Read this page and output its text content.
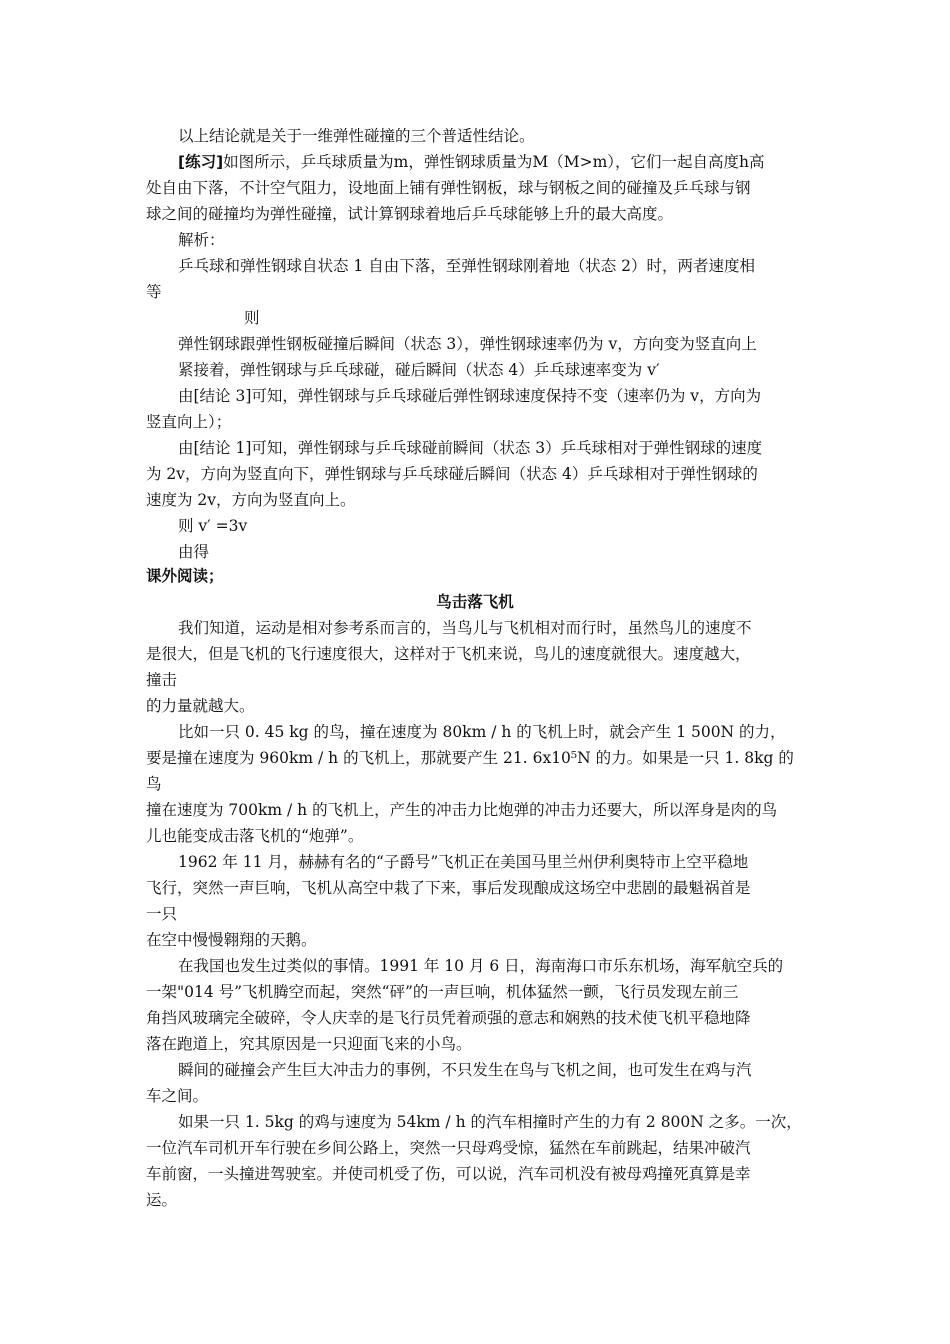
以上结论就是关于一维弹性碰撞的三个普适性结论。
[练习]如图所示，乒乓球质量为m，弹性钢球质量为M（M>m），它们一起自高度h高
处自由下落，不计空气阻力，设地面上铺有弹性钢板，球与钢板之间的碰撞及乒乓球与钢
球之间的碰撞均为弹性碰撞，试计算钢球着地后乒乓球能够上升的最大高度。
解析：
乒乓球和弹性钢球自状态 1 自由下落，至弹性钢球刚着地（状态 2）时，两者速度相
等
则
弹性钢球跟弹性钢板碰撞后瞬间（状态 3），弹性钢球速率仍为 v，方向变为竖直向上
紧接着，弹性钢球与乒乓球碰，碰后瞬间（状态 4）乒乓球速率变为 v′
由[结论 3]可知，弹性钢球与乒乓球碰后弹性钢球速度保持不变（速率仍为 v，方向为
竖直向上）；
由[结论 1]可知，弹性钢球与乒乓球碰前瞬间（状态 3）乒乓球相对于弹性钢球的速度
为 2v，方向为竖直向下，弹性钢球与乒乓球碰后瞬间（状态 4）乒乓球相对于弹性钢球的
速度为 2v，方向为竖直向上。
则 v′ =3v
由得
课外阅读；
鸟击落飞机
我们知道，运动是相对参考系而言的，当鸟儿与飞机相对而行时，虽然鸟儿的速度不
是很大，但是飞机的飞行速度很大，这样对于飞机来说，鸟儿的速度就很大。速度越大，
撞击
的力量就越大。
比如一只 0. 45 kg 的鸟，撞在速度为 80km / h 的飞机上时，就会产生 1 500N 的力，
要是撞在速度为 960km / h 的飞机上，那就要产生 21. 6x10⁵N 的力。如果是一只 1. 8kg 的
鸟
撞在速度为 700km / h 的飞机上，产生的冲击力比炮弹的冲击力还要大，所以浑身是肉的鸟
儿也能变成击落飞机的“炮弹”。
1962 年 11 月，赫赫有名的“子爵号”飞机正在美国马里兰州伊利奥特市上空平稳地
飞行，突然一声巨响，飞机从高空中栽了下来，事后发现酿成这场空中悲剧的最魁祸首是
一只
在空中慢慢翱翔的天鹅。
在我国也发生过类似的事情。1991 年 10 月 6 日，海南海口市乐东机场，海军航空兵的
一架"014 号”飞机腾空而起，突然“砰”的一声巨响，机体猛然一颤，飞行员发现左前三
角挡风玻璃完全破碎，令人庆幸的是飞行员凭着顽强的意志和娴熟的技术使飞机平稳地降
落在跑道上，究其原因是一只迎面飞来的小鸟。
瞬间的碰撞会产生巨大冲击力的事例，不只发生在鸟与飞机之间，也可发生在鸡与汽
车之间。
如果一只 1. 5kg 的鸡与速度为 54km / h 的汽车相撞时产生的力有 2 800N 之多。一次，
一位汽车司机开车行驶在乡间公路上，突然一只母鸡受惊，猛然在车前跳起，结果冲破汽
车前窗，一头撞进驾驶室。并使司机受了伤，可以说，汽车司机没有被母鸡撞死真算是幸
运。
